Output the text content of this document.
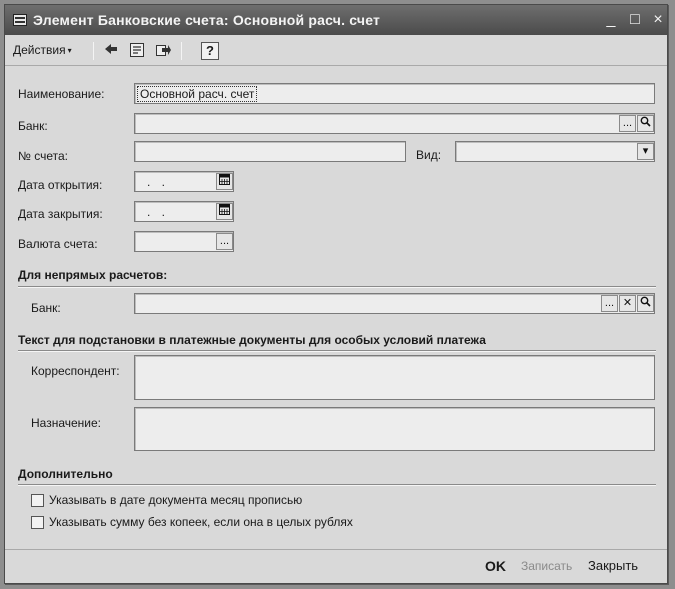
Элемент Банковские счета: Основной расч. счет	_ □ ×
Действия ▾	?
Наименование:	Основной расч. счет
Банк:	...
№ счета:	Вид:	▾
Дата открытия:	. .
Дата закрытия:	. .
Валюта счета:	...
Для непрямых расчетов:
Банк:	... ✕
Текст для подстановки в платежные документы для особых условий платежа
Корреспондент:
Назначение:
Дополнительно
Указывать в дате документа месяц прописью
Указывать сумму без копеек, если она в целых рублях
OK Записать Закрыть
